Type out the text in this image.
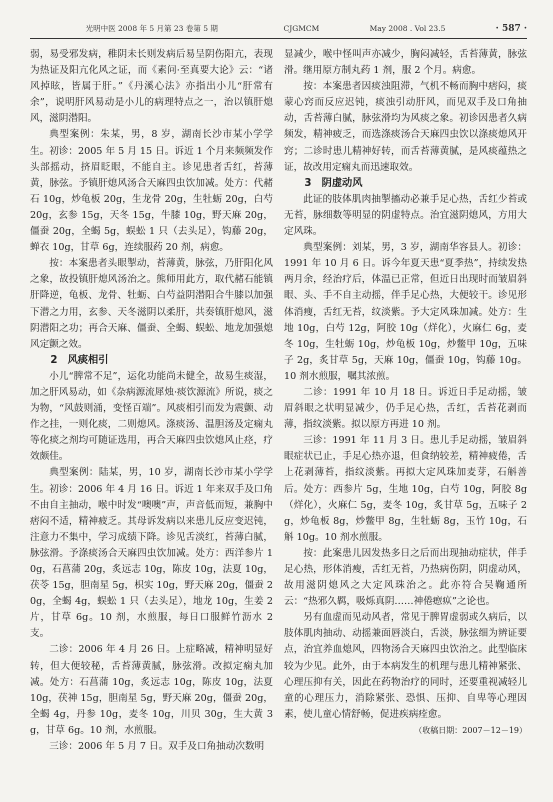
光明中医 2008 年 5 月第 23 卷第 5 期	CJGMCM	May 2008 . Vol 23.5	· 587 ·

弱，易受邪发病，稚阴未长则发病后易呈阴伤阳亢，表现为热证及阳亢化风之证，而《素问·至真要大论》云：“诸风掉眩，皆属于肝。”《丹溪心法》亦指出小儿“肝常有余”，说明肝风易动是小儿的病理特点之一，治以镇肝熄风，滋阴潜阳。

典型案例：朱某，男，8 岁，湖南长沙市某小学学生。初诊：2005 年 5 月 15 日。诉近 1 个月来频频发作头部摇动，挤眉眨眼，不能自主。诊见患者舌红，苔薄黄，脉弦。予镇肝熄风汤合天麻四虫饮加减。处方：代赭石 10g，炒龟板 20g，生龙骨 20g，生牡蛎 20g，白芍 20g，玄参 15g，天冬 15g，牛膝 10g，野天麻 20g，僵蚕 20g，全蝎 5g，蜈蚣 1 只（去头足），钩藤 20g，蝉衣 10g，甘草 6g，连续服药 20 剂，病愈。

按：本案患者头眼掣动，苔薄黄，脉弦，乃肝阳化风之象，故投镇肝熄风汤治之。熊师用此方，取代赭石能镇肝降逆，龟板、龙骨、牡蛎、白芍益阴潜阳合牛膝以加强下潜之力用，玄参、天冬滋阴以柔肝，共奏镇肝熄风，滋阴潜阳之功；再合天麻、僵蚕、全蝎、蜈蚣、地龙加强熄风定颤之效。

2　风痰相引

小儿“脾常不足”，运化功能尚未健全，故易生痰湿，加之肝风易动，如《杂病源流犀烛·痰饮源流》所说，痰之为物，“风鼓则涌，变怪百端”。风痰相引而发为震颤、动作之挂，一则化痰，二则熄风。涤痰汤、温胆汤及定痫丸等化痰之剂均可随证选用，再合天麻四虫饮熄风止痉，疗效颇佳。

典型案例：陆某，男，10 岁，湖南长沙市某小学学生。初诊：2006 年 4 月 16 日。诉近 1 年来双手及口角不由自主抽动，喉中时发“噢噢”声，声音低而短，兼胸中痞闷不适，精神疲乏。其母诉发病以来患儿反应变迟钝，注意力不集中，学习成绩下降。诊见舌淡红，苔薄白腻，脉弦滑。予涤痰汤合天麻四虫饮加减。处方：西洋参片 10g，石菖蒲 20g，炙远志 10g，陈皮 10g，法夏 10g，茯苓 15g，胆南星 5g，枳实 10g，野天麻 20g，僵蚕 20g，全蝎 4g，蜈蚣 1 只（去头足），地龙 10g，生姜 2 片，甘草 6g。10 剂，水煎服，每日口服鲜竹沥水 2 支。

二诊：2006 年 4 月 26 日。上症略减，精神明显好转，但大便较秘，舌苔薄黄腻，脉弦滑。改拟定痫丸加减。处方：石菖蒲 10g，炙远志 10g，陈皮 10g，法夏 10g，茯神 15g，胆南星 5g，野天麻 20g，僵蚕 20g，全蝎 4g，丹参 10g，麦冬 10g，川贝 30g，生大黄 3g，甘草 6g。10 剂，水煎服。

三诊：2006 年 5 月 7 日。双手及口角抽动次数明

显减少，喉中怪叫声亦减少，胸闷减轻，舌苔薄黄，脉弦滑。继用原方制丸药 1 剂，服 2 个月。病愈。

按：本案患者因痰浊阻滞，气机不畅而胸中痞闷，痰蒙心窍而反应迟钝，痰浊引动肝风，而见双手及口角抽动，舌苔薄白腻，脉弦滑均为风痰之象。初诊因患者久病频发，精神疲乏，而选涤痰汤合天麻四虫饮以涤痰熄风开窍；二诊时患儿精神好转，而舌苔薄黄腻，是风痰蕴热之证，故改用定痫丸而迅速取效。

3　阴虚动风

此证的肢体肌肉抽掣搐动必兼手足心热，舌红少苔或无苔，脉细数等明显的阴虚特点。治宜滋阴熄风，方用大定风珠。

典型案例：刘某，男，3 岁，湖南华容县人。初诊：1991 年 10 月 6 日。诉今年夏天患“夏季热”，持续发热两月余，经治疗后，体温已正常，但近日出现时而皱眉斜眼、头、手不自主动摇，伴手足心热，大便较干。诊见形体消瘦，舌红无苔，纹淡紫。予大定风珠加减。处方：生地 10g，白芍 12g，阿胶 10g（烊化），火麻仁 6g，麦冬 10g，生牡蛎 10g，炒龟板 10g，炒鳖甲 10g，五味子 2g，炙甘草 5g，天麻 10g，僵蚕 10g，钩藤 10g。10 剂水煎服，嘱其浓煎。

二诊：1991 年 10 月 18 日。诉近日手足动摇，皱眉斜眼之状明显减少，仍手足心热，舌红，舌苔花剥而薄，指纹淡紫。拟以原方再进 10 剂。

三诊：1991 年 11 月 3 日。患儿手足动摇，皱眉斜眼症状已止，手足心热亦退，但食纳较差，精神疲倦，舌上花剥薄苔，指纹淡紫。再拟大定风珠加麦芽，石斛善后。处方：西参片 5g，生地 10g，白芍 10g，阿胶 8g（烊化），火麻仁 5g，麦冬 10g，炙甘草 5g，五味子 2g，炒龟板 8g，炒鳖甲 8g，生牡蛎 8g，玉竹 10g，石斛 10g。10 剂水煎服。

按：此案患儿因发热多日之后而出现抽动症状，伴手足心热，形体消瘦，舌红无苔，乃热病伤阴，阴虚动风，故用滋阴熄风之大定风珠治之。此亦符合吴鞠通所云：“热邪久羁，吸烁真阴……神倦瘛疭”之论也。

另有血虚而见动风者，常见于脾胃虚弱或久病后，以肢体肌肉抽动、动摇兼面唇淡白，舌淡，脉弦细为辨证要点，治宜养血熄风，四物汤合天麻四虫饮治之。此型临床较为少见。此外，由于本病发生的机理与患儿精神紧张、心理压抑有关，因此在药物治疗的同时，还要重视减轻儿童的心理压力，消除紧张、恐惧、压抑、自卑等心理因素，使儿童心情舒畅，促进疾病痊愈。

（收稿日期：2007－12－19）
